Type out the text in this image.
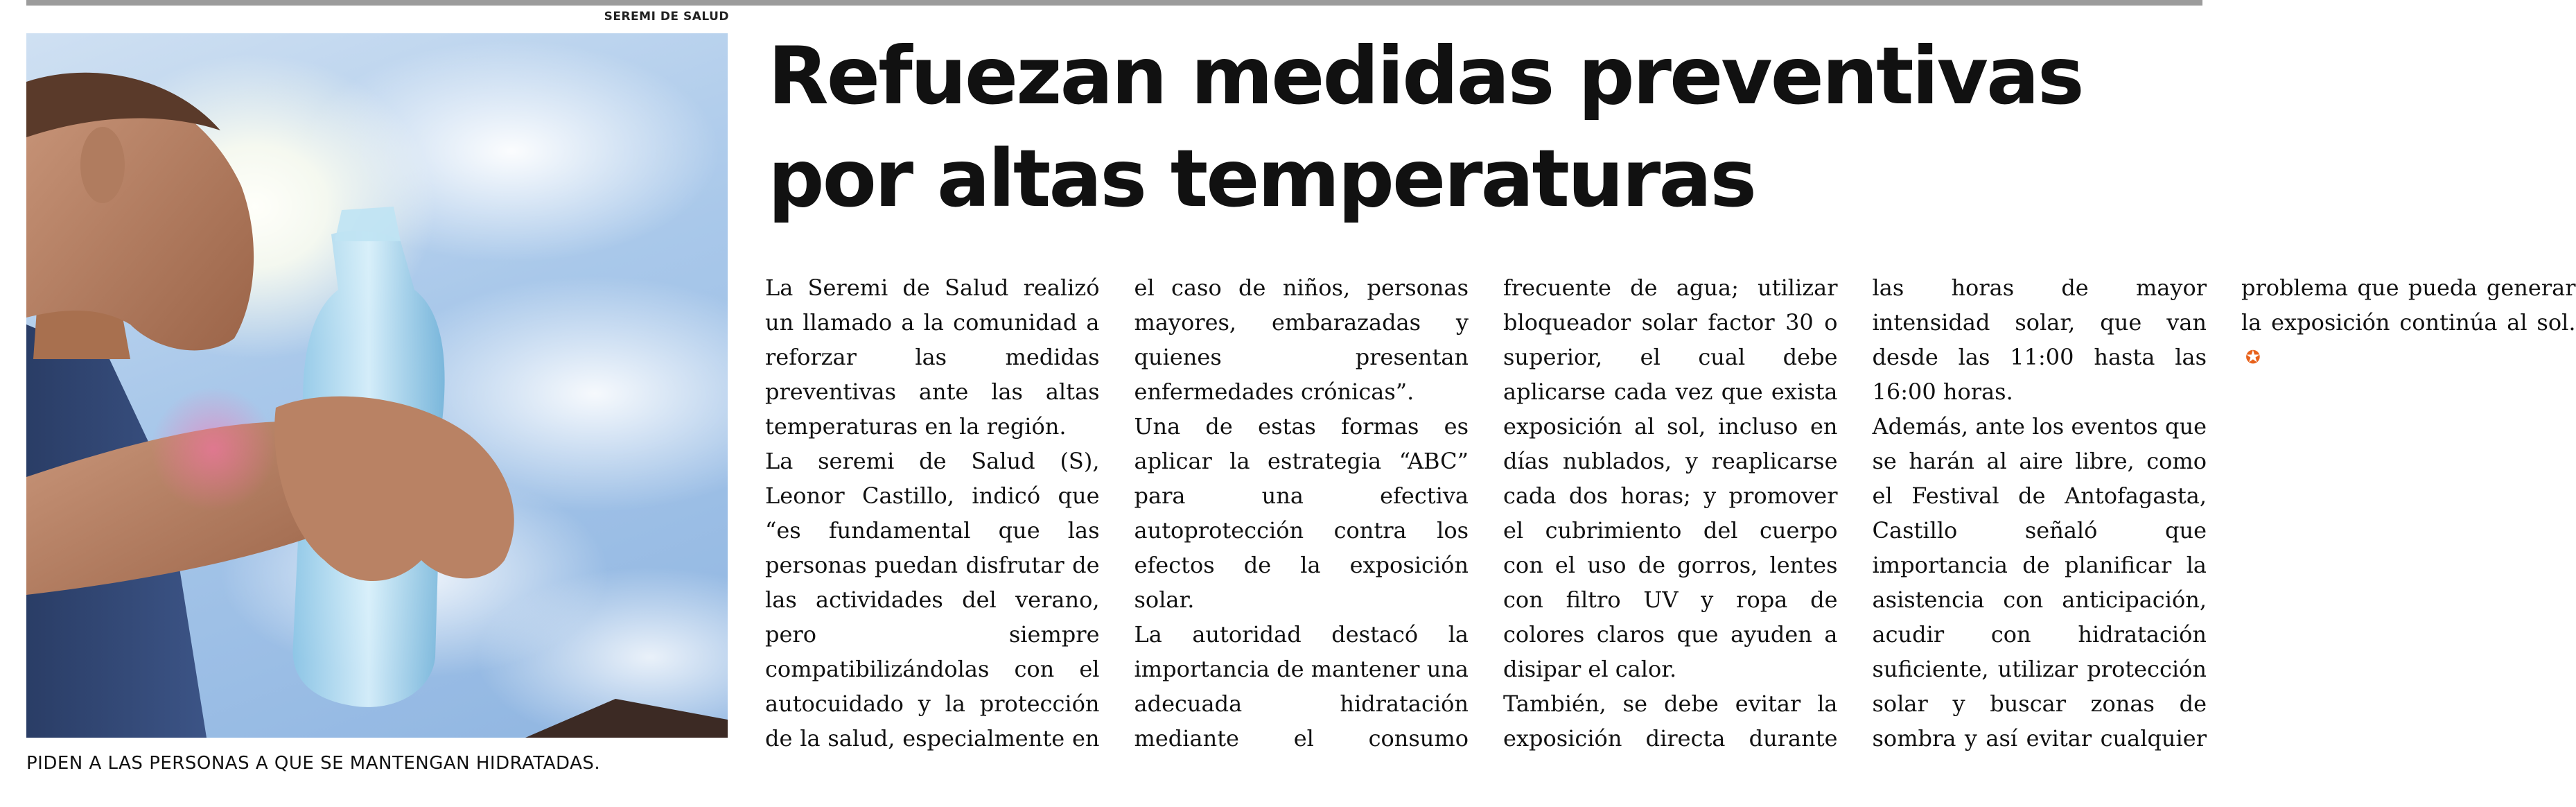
SEREMI DE SALUD
PIDEN A LAS PERSONAS A QUE SE MANTENGAN HIDRATADAS.
Refuezan medidas preventivas por altas temperaturas

La Seremi de Salud realizó un llamado a la comunidad a reforzar las medidas preventivas ante las altas temperaturas en la región.

La seremi de Salud (S), Leonor Castillo, indicó que “es fundamental que las personas puedan disfrutar de las actividades del verano, pero siempre compatibilizándolas con el autocuidado y la protección de la salud, especialmente en el caso de niños, personas mayores, embarazadas y quienes presentan enfermedades crónicas”.

Una de estas formas es aplicar la estrategia “ABC” para una efectiva autoprotección contra los efectos de la exposición solar.

La autoridad destacó la importancia de mantener una adecuada hidratación mediante el consumo frecuente de agua; utilizar bloqueador solar factor 30 o superior, el cual debe aplicarse cada vez que exista exposición al sol, incluso en días nublados, y reaplicarse cada dos horas; y promover el cubrimiento del cuerpo con el uso de gorros, lentes con filtro UV y ropa de colores claros que ayuden a disipar el calor.

También, se debe evitar la exposición directa durante las horas de mayor intensidad solar, que van desde las 11:00 hasta las 16:00 horas.

Además, ante los eventos que se harán al aire libre, como el Festival de Antofagasta, Castillo señaló que importancia de planificar la asistencia con anticipación, acudir con hidratación suficiente, utilizar protección solar y buscar zonas de sombra y así evitar cualquier problema que pueda generar la exposición continúa al sol.✪
